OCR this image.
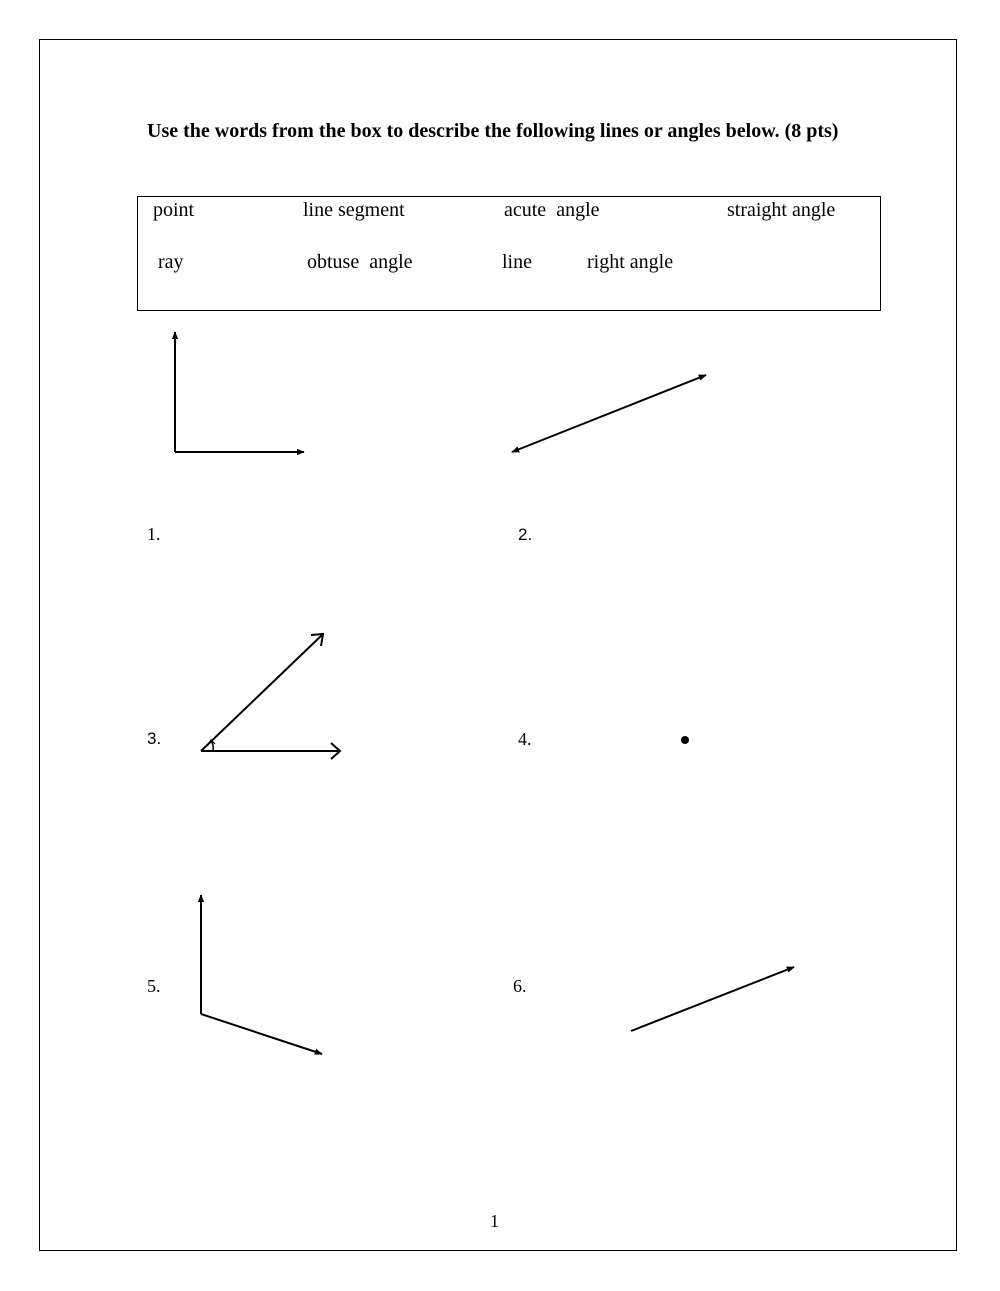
Use the words from the box to describe the following lines or angles below. (8 pts)

point	line segment	acute  angle	straight angle
ray	obtuse  angle	line	right angle
1.	2.
3.	4.
5.	6.
1
